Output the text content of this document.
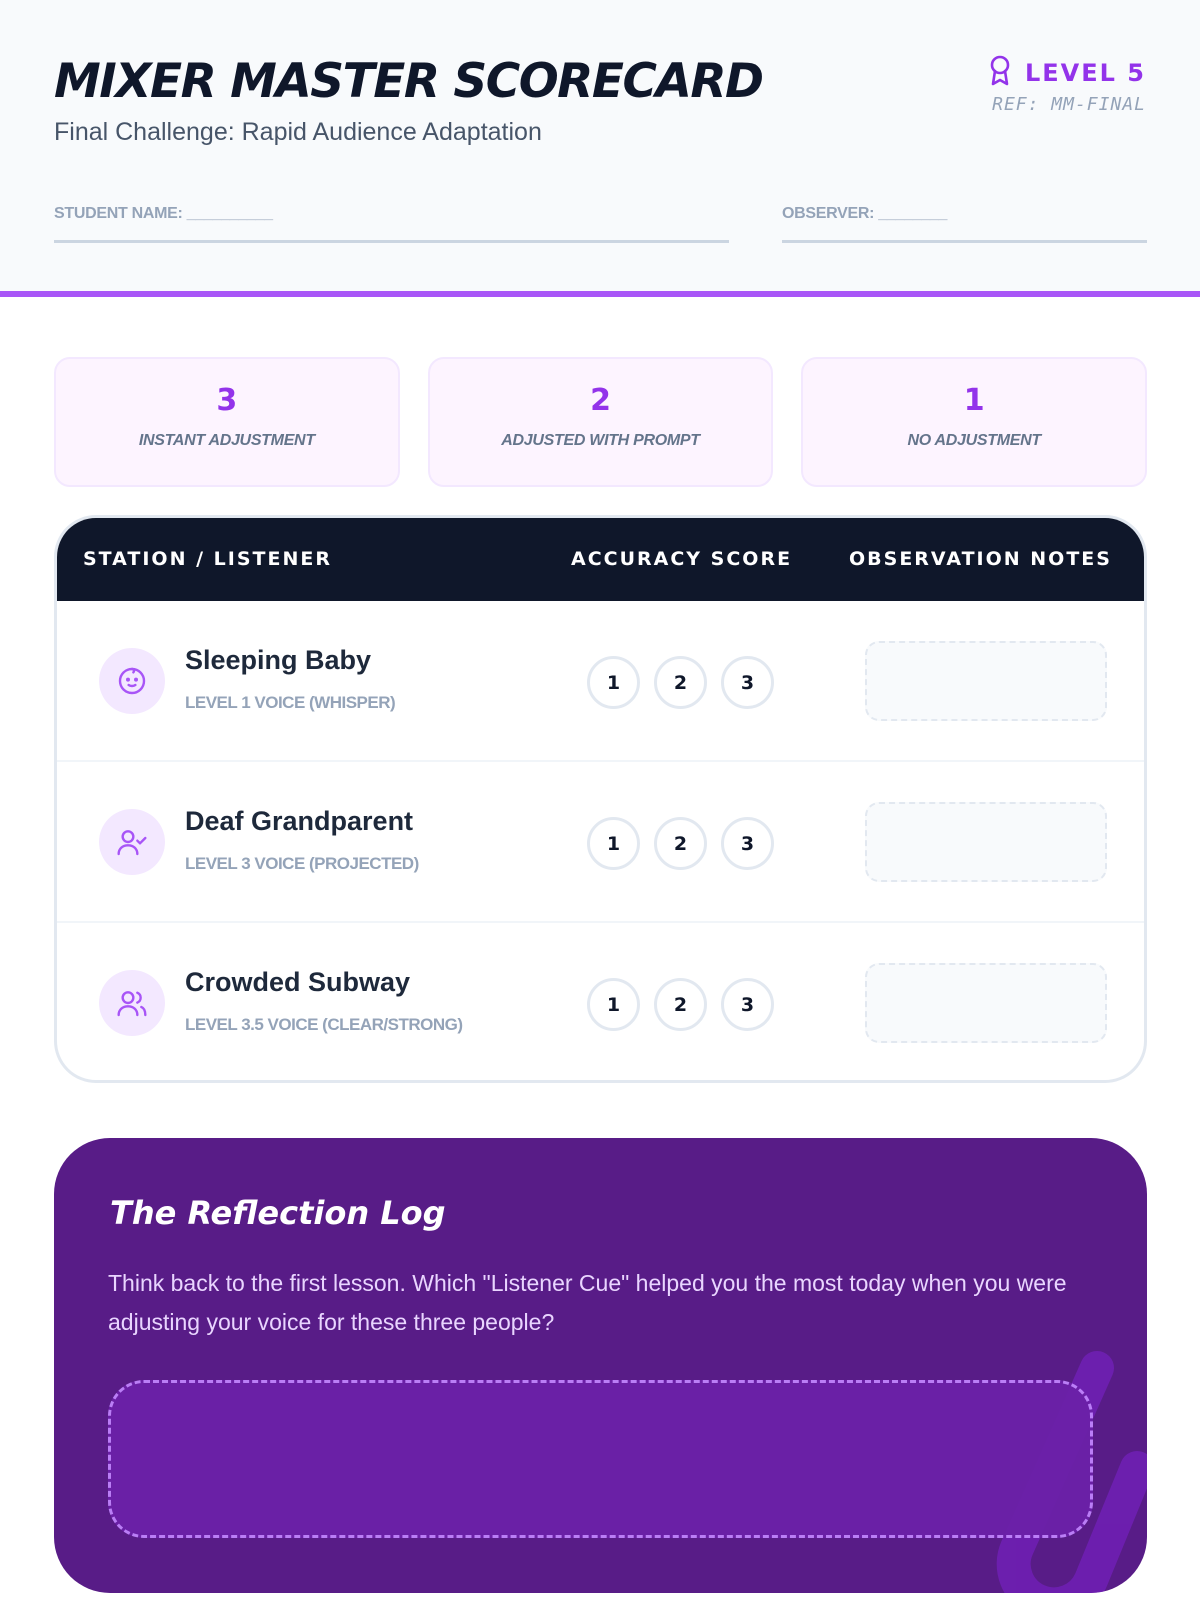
MIXER MASTER SCORECARD
Final Challenge: Rapid Audience Adaptation
LEVEL 5
REF: MM-FINAL
STUDENT NAME: __________	OBSERVER: ________
3
INSTANT ADJUSTMENT
2
ADJUSTED WITH PROMPT
1
NO ADJUSTMENT
STATION / LISTENER	ACCURACY SCORE	OBSERVATION NOTES
Sleeping Baby
LEVEL 1 VOICE (WHISPER)
1	2	3
Deaf Grandparent
LEVEL 3 VOICE (PROJECTED)
1	2	3
Crowded Subway
LEVEL 3.5 VOICE (CLEAR/STRONG)
1	2	3
The Reflection Log

Think back to the first lesson. Which "Listener Cue" helped you the most today when you were adjusting your voice for these three people?
